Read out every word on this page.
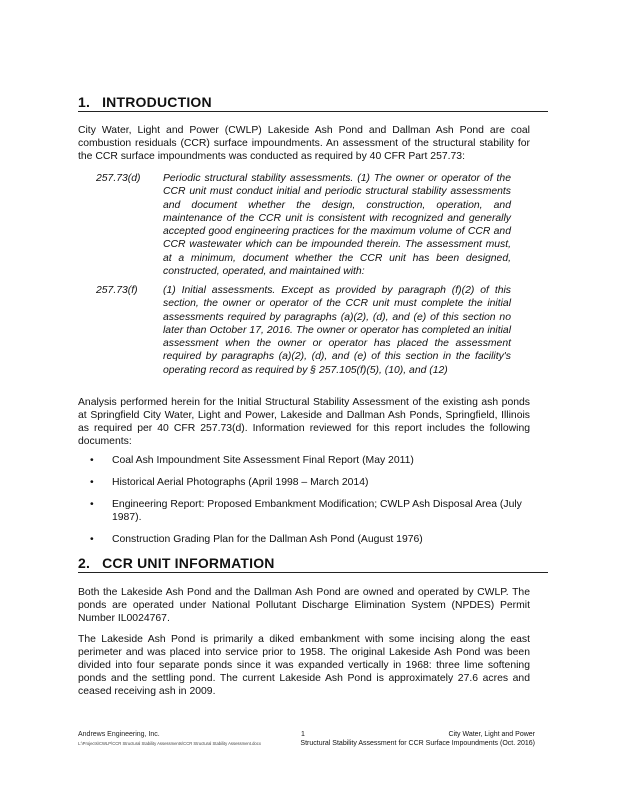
1. INTRODUCTION

City Water, Light and Power (CWLP) Lakeside Ash Pond and Dallman Ash Pond are coal combustion residuals (CCR) surface impoundments. An assessment of the structural stability for the CCR surface impoundments was conducted as required by 40 CFR Part 257.73:

257.73(d) Periodic structural stability assessments. (1) The owner or operator of the CCR unit must conduct initial and periodic structural stability assessments and document whether the design, construction, operation, and maintenance of the CCR unit is consistent with recognized and generally accepted good engineering practices for the maximum volume of CCR and CCR wastewater which can be impounded therein. The assessment must, at a minimum, document whether the CCR unit has been designed, constructed, operated, and maintained with:

257.73(f) (1) Initial assessments. Except as provided by paragraph (f)(2) of this section, the owner or operator of the CCR unit must complete the initial assessments required by paragraphs (a)(2), (d), and (e) of this section no later than October 17, 2016. The owner or operator has completed an initial assessment when the owner or operator has placed the assessment required by paragraphs (a)(2), (d), and (e) of this section in the facility's operating record as required by § 257.105(f)(5), (10), and (12)

Analysis performed herein for the Initial Structural Stability Assessment of the existing ash ponds at Springfield City Water, Light and Power, Lakeside and Dallman Ash Ponds, Springfield, Illinois as required per 40 CFR 257.73(d). Information reviewed for this report includes the following documents:

• Coal Ash Impoundment Site Assessment Final Report (May 2011)
• Historical Aerial Photographs (April 1998 – March 2014)
• Engineering Report: Proposed Embankment Modification; CWLP Ash Disposal Area (July 1987).
• Construction Grading Plan for the Dallman Ash Pond (August 1976)
2. CCR UNIT INFORMATION

Both the Lakeside Ash Pond and the Dallman Ash Pond are owned and operated by CWLP. The ponds are operated under National Pollutant Discharge Elimination System (NPDES) Permit Number IL0024767.

The Lakeside Ash Pond is primarily a diked embankment with some incising along the east perimeter and was placed into service prior to 1958. The original Lakeside Ash Pond was been divided into four separate ponds since it was expanded vertically in 1968: three lime softening ponds and the settling pond. The current Lakeside Ash Pond is approximately 27.6 acres and ceased receiving ash in 2009.

Andrews Engineering, Inc.
L:\Projects\CWLP\CCR Structural Stability Assessments\CCR Structural Stability Assessment.docx
1	City Water, Light and Power
Structural Stability Assessment for CCR Surface Impoundments (Oct. 2016)
